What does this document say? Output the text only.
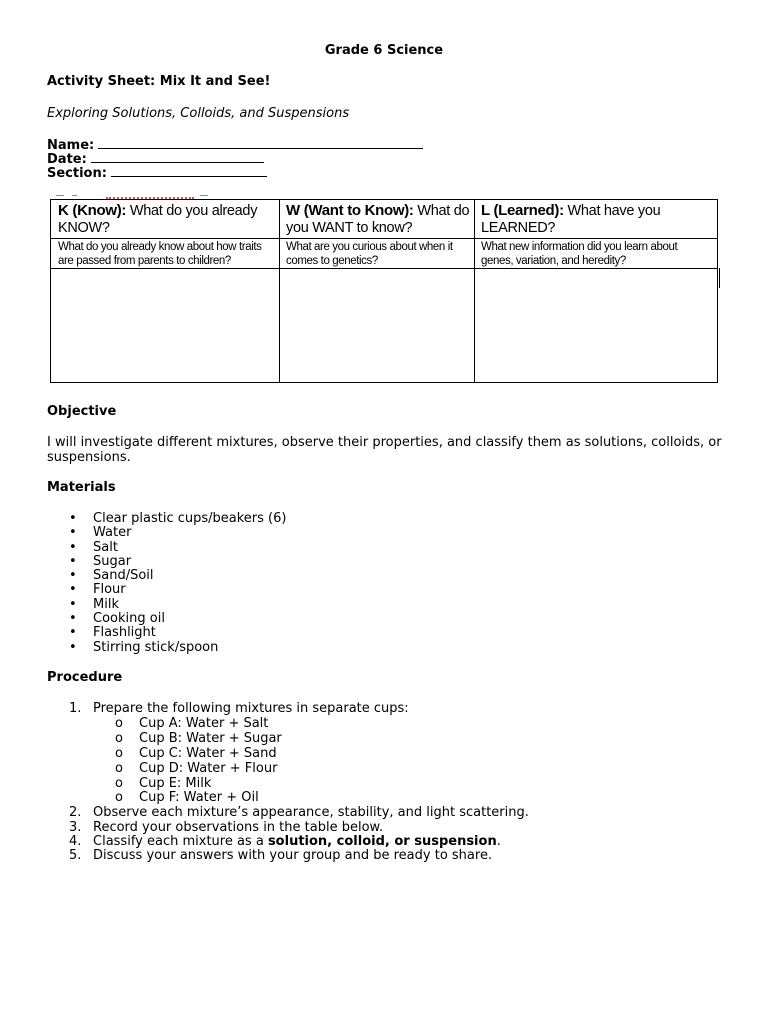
Grade 6 Science
Activity Sheet: Mix It and See!
Exploring Solutions, Colloids, and Suspensions
Name:
Date:
Section:
K (Know): What do you already
KNOW?
W (Want to Know): What do
you WANT to know?
L (Learned): What have you
LEARNED?
What do you already know about how traits
are passed from parents to children?
What are you curious about when it
comes to genetics?
What new information did you learn about
genes, variation, and heredity?
Objective
I will investigate different mixtures, observe their properties, and classify them as solutions, colloids, or
suspensions.
Materials
• Clear plastic cups/beakers (6)
• Water
• Salt
• Sugar
• Sand/Soil
• Flour
• Milk
• Cooking oil
• Flashlight
• Stirring stick/spoon
Procedure
1. Prepare the following mixtures in separate cups:
o Cup A: Water + Salt
o Cup B: Water + Sugar
o Cup C: Water + Sand
o Cup D: Water + Flour
o Cup E: Milk
o Cup F: Water + Oil
2. Observe each mixture’s appearance, stability, and light scattering.
3. Record your observations in the table below.
4. Classify each mixture as a solution, colloid, or suspension.
5. Discuss your answers with your group and be ready to share.
